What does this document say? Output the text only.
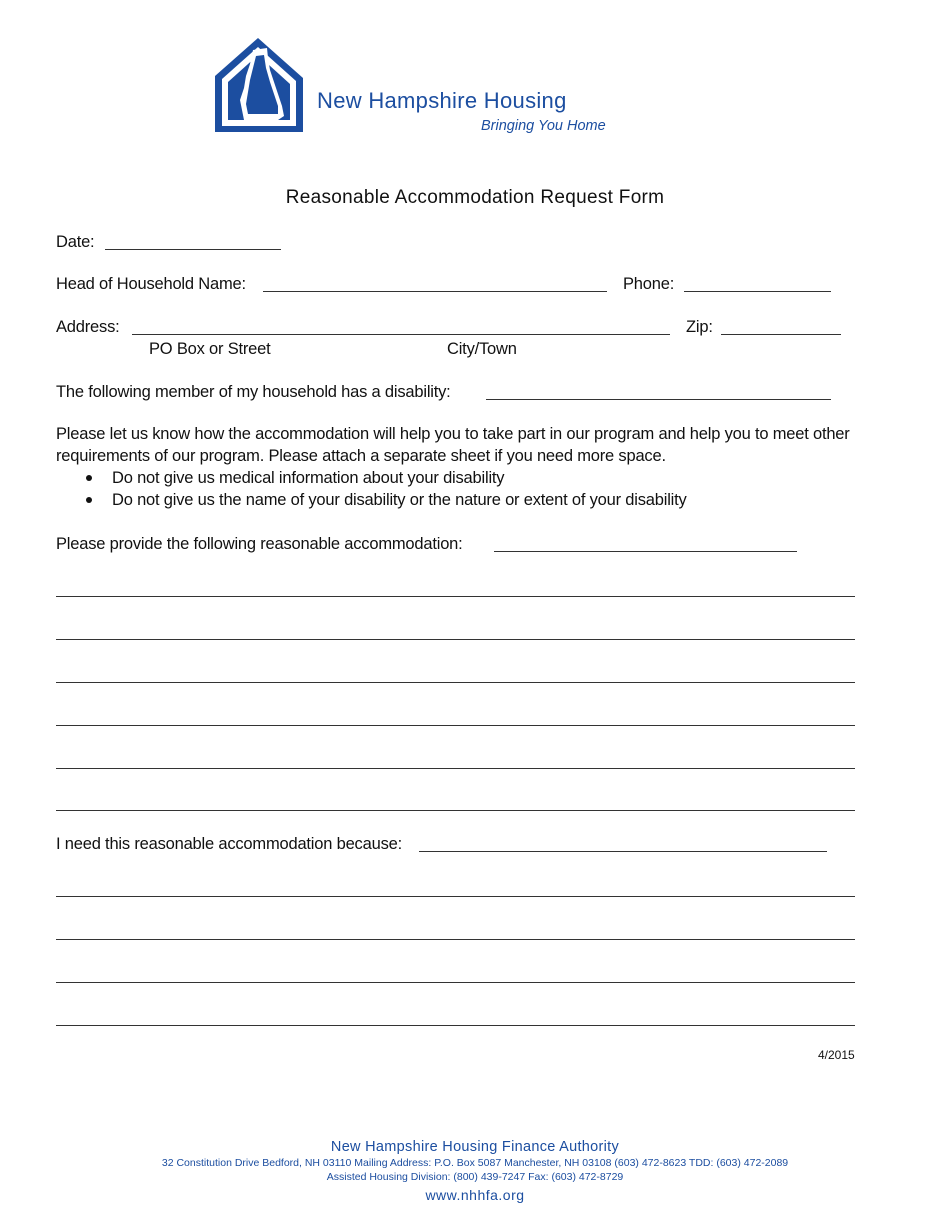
New Hampshire Housing
Bringing You Home
Reasonable Accommodation Request Form
Date:
Head of Household Name:	Phone:
Address:	Zip:
PO Box or Street	City/Town
The following member of my household has a disability:
Please let us know how the accommodation will help you to take part in our program and help you to meet other
requirements of our program. Please attach a separate sheet if you need more space.
Do not give us medical information about your disability
Do not give us the name of your disability or the nature or extent of your disability
Please provide the following reasonable accommodation:
I need this reasonable accommodation because:
4/2015
New Hampshire Housing Finance Authority
32 Constitution Drive Bedford, NH 03110 Mailing Address: P.O. Box 5087 Manchester, NH 03108 (603) 472-8623 TDD: (603) 472-2089
Assisted Housing Division: (800) 439-7247 Fax: (603) 472-8729
www.nhhfa.org
